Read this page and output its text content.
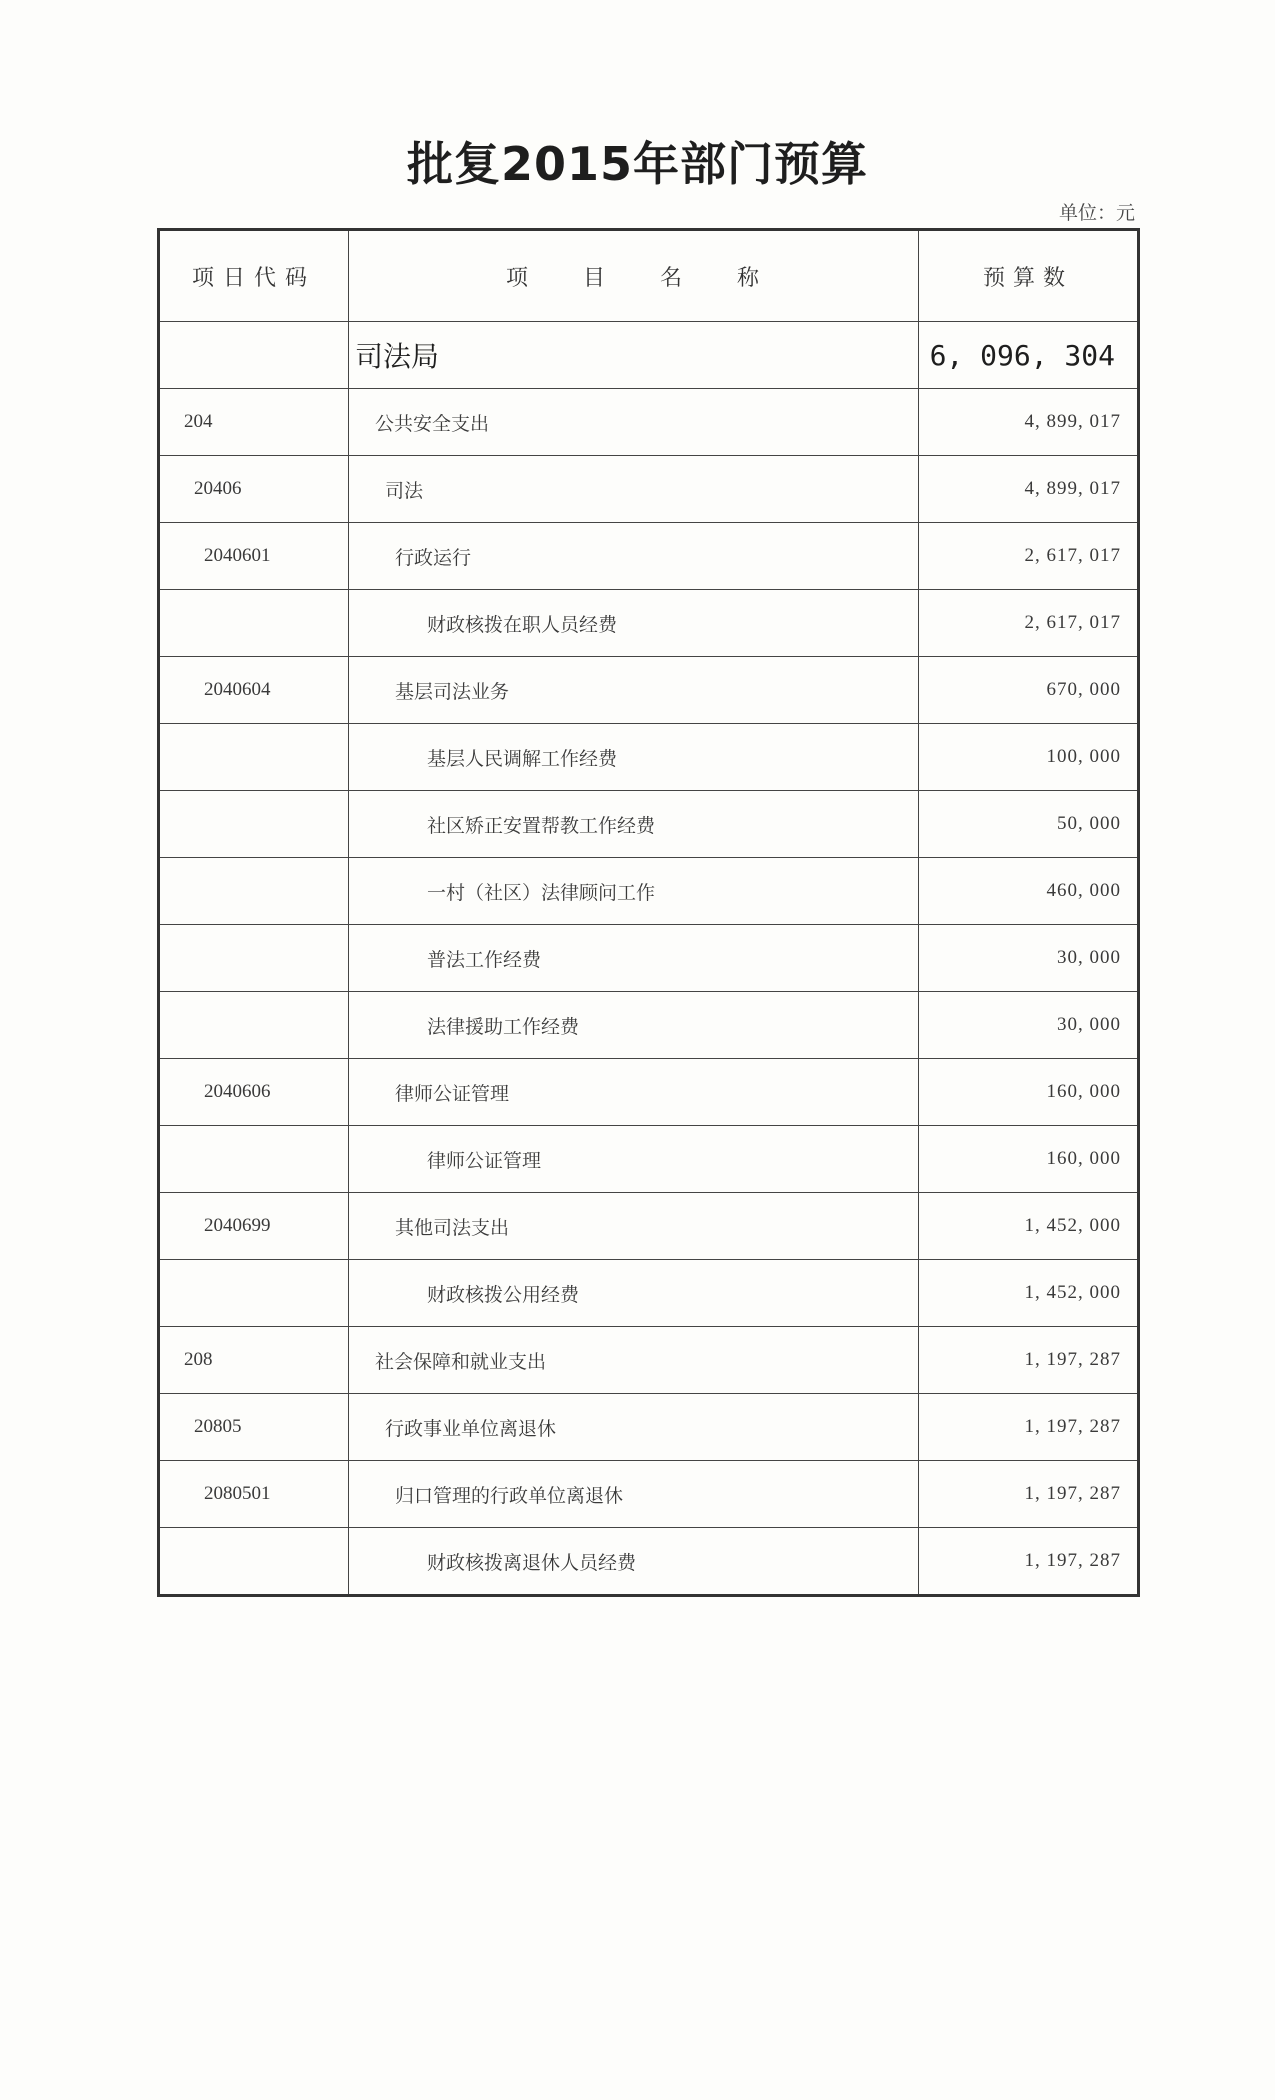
批复2015年部门预算
单位：元
项日代码	项 目 名 称	预算数
	司法局	6, 096, 304
204	公共安全支出	4, 899, 017
20406	司法	4, 899, 017
2040601	行政运行	2, 617, 017
	财政核拨在职人员经费	2, 617, 017
2040604	基层司法业务	670, 000
	基层人民调解工作经费	100, 000
	社区矫正安置帮教工作经费	50, 000
	一村（社区）法律顾问工作	460, 000
	普法工作经费	30, 000
	法律援助工作经费	30, 000
2040606	律师公证管理	160, 000
	律师公证管理	160, 000
2040699	其他司法支出	1, 452, 000
	财政核拨公用经费	1, 452, 000
208	社会保障和就业支出	1, 197, 287
20805	行政事业单位离退休	1, 197, 287
2080501	归口管理的行政单位离退休	1, 197, 287
	财政核拨离退休人员经费	1, 197, 287
